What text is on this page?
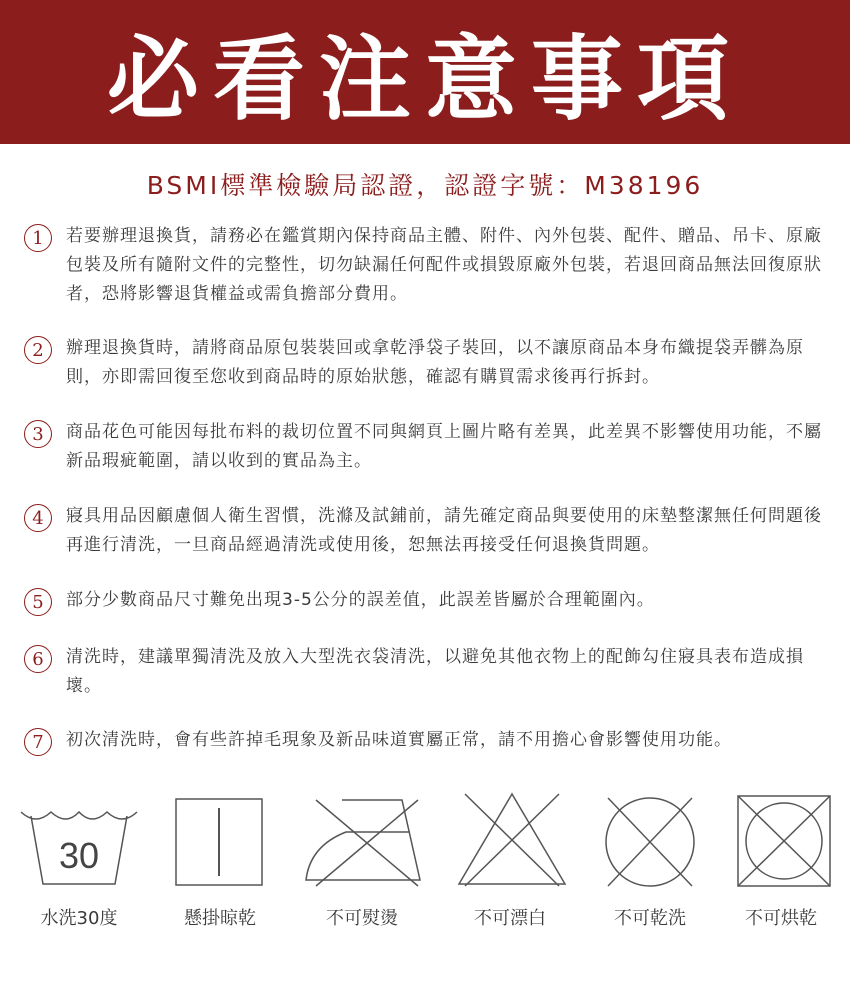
必看注意事項
BSMI標準檢驗局認證，認證字號：M38196
1	若要辦理退換貨，請務必在鑑賞期內保持商品主體、附件、內外包裝、配件、贈品、吊卡、原廠包裝及所有隨附文件的完整性，切勿缺漏任何配件或損毀原廠外包裝，若退回商品無法回復原狀者，恐將影響退貨權益或需負擔部分費用。
2	辦理退換貨時，請將商品原包裝裝回或拿乾淨袋子裝回，以不讓原商品本身布織提袋弄髒為原則，亦即需回復至您收到商品時的原始狀態，確認有購買需求後再行拆封。
3	商品花色可能因每批布料的裁切位置不同與網頁上圖片略有差異，此差異不影響使用功能，不屬新品瑕疵範圍，請以收到的實品為主。
4	寢具用品因顧慮個人衛生習慣，洗滌及試鋪前，請先確定商品與要使用的床墊整潔無任何問題後再進行清洗，一旦商品經過清洗或使用後，恕無法再接受任何退換貨問題。
5	部分少數商品尺寸難免出現3-5公分的誤差值，此誤差皆屬於合理範圍內。
6	清洗時，建議單獨清洗及放入大型洗衣袋清洗，以避免其他衣物上的配飾勾住寢具表布造成損壞。
7	初次清洗時，會有些許掉毛現象及新品味道實屬正常，請不用擔心會影響使用功能。
30
水洗30度	懸掛晾乾	不可熨燙	不可漂白	不可乾洗	不可烘乾
